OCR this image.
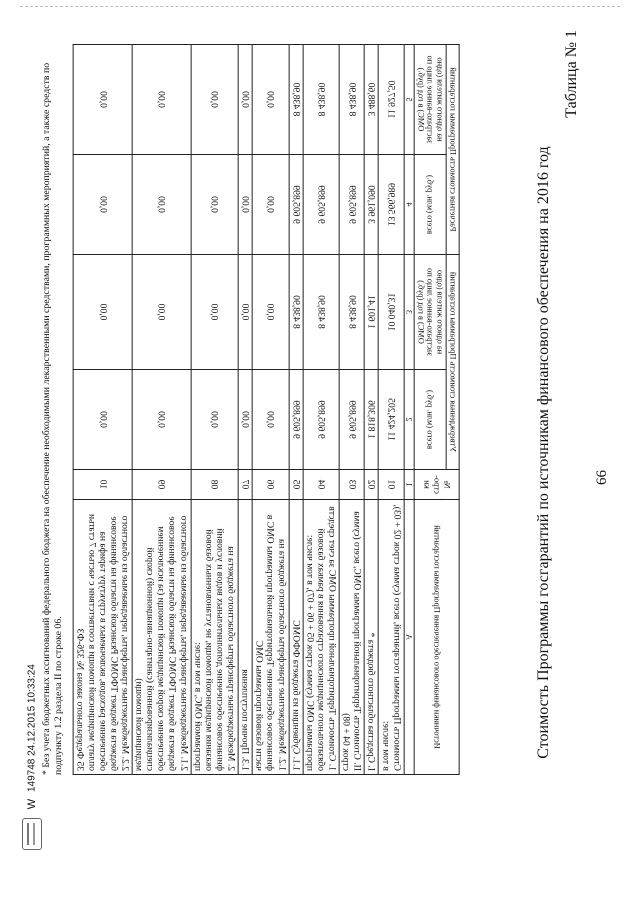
66
Таблица № 1
Стоимость Программы госгарантий по источникам финансового обеспечения на 2016 год
Источники финансового обеспечения Программы госгарантий	№ стро-ки	Утвержденная стоимость Программы госгарантий		Расчетная стоимость Программы госгарантий	
		всего (млн. руб.)	на одного жителя (одно застрахо-ванное лицо по ОМС) в год (руб.)	всего (млн. руб.)	на одного жителя (одно застрахо-ванное лицо по ОМС) в год (руб.)
А	1	2	3	4	5
Стоимость Программы госгарантий, всего (сумма строк 02 + 03), в том числе:	01	11 424,205	10 040,31	13 566,989	11 927,50
I. Средства областного бюджета *	02	1 818,306	1 601,41	3 961,090	3 488,60
II. Стоимость Территориальной программы ОМС, всего (сумма строк 04 + 08)	03	9 605,899	8 438,90	9 605,899	8 438,90
1. Стоимость Территориальной программы ОМС за счет средств обязательного медицинского страхования в рамках базовой программы ОМС (сумма строк 05 + 06 + 07), в том числе:	04	9 605,899	8 438,90	9 605,899	8 438,90
1.1. Субвенции из бюджета ФФОМС	05	9 605,899	8 438,90	9 605,899	8 438,90
1.2. Межбюджетные трансферты областного бюджета на финансовое обеспечение Территориальной программы ОМС в части базовой программы ОМС	06	0,00	0,00	0,00	0,00
1.3. Прочие поступления	07	0,00	0,00	0,00	0,00
2. Межбюджетные трансферты областного бюджета на финансовое обеспечение дополнительных видов и условий оказания медицинской помощи, не установленных базовой программой ОМС, в том числе:	08	0,00	0,00	0,00	0,00
2.1. Межбюджетные трансферты, передаваемые из областного бюджета в бюджет ТФОМС Рязанской области на финансовое обеспечение скорой медицинской помощи (за исключением специализированной (санитарно-авиационной) скорой медицинской помощи)	09	0,00	0,00	0,00	0,00
2.2. Межбюджетные трансферты, передаваемые из областного бюджета в бюджет ТФОМС Рязанской области на финансовое обеспечение расходов, включаемых в структуру тарифа на оплату медицинской помощи в соответствии с частью 7 статьи 35 Федерального закона № 326-ФЗ	10	0,00	0,00	0,00	0,00
* Без учета бюджетных ассигнований федерального бюджета на обеспечение необходимыми лекарственными средствами, программных мероприятий, а также средств по подпункту 1.2 раздела II по строке 06.
W 149748 24.12.2015 10:33:24
